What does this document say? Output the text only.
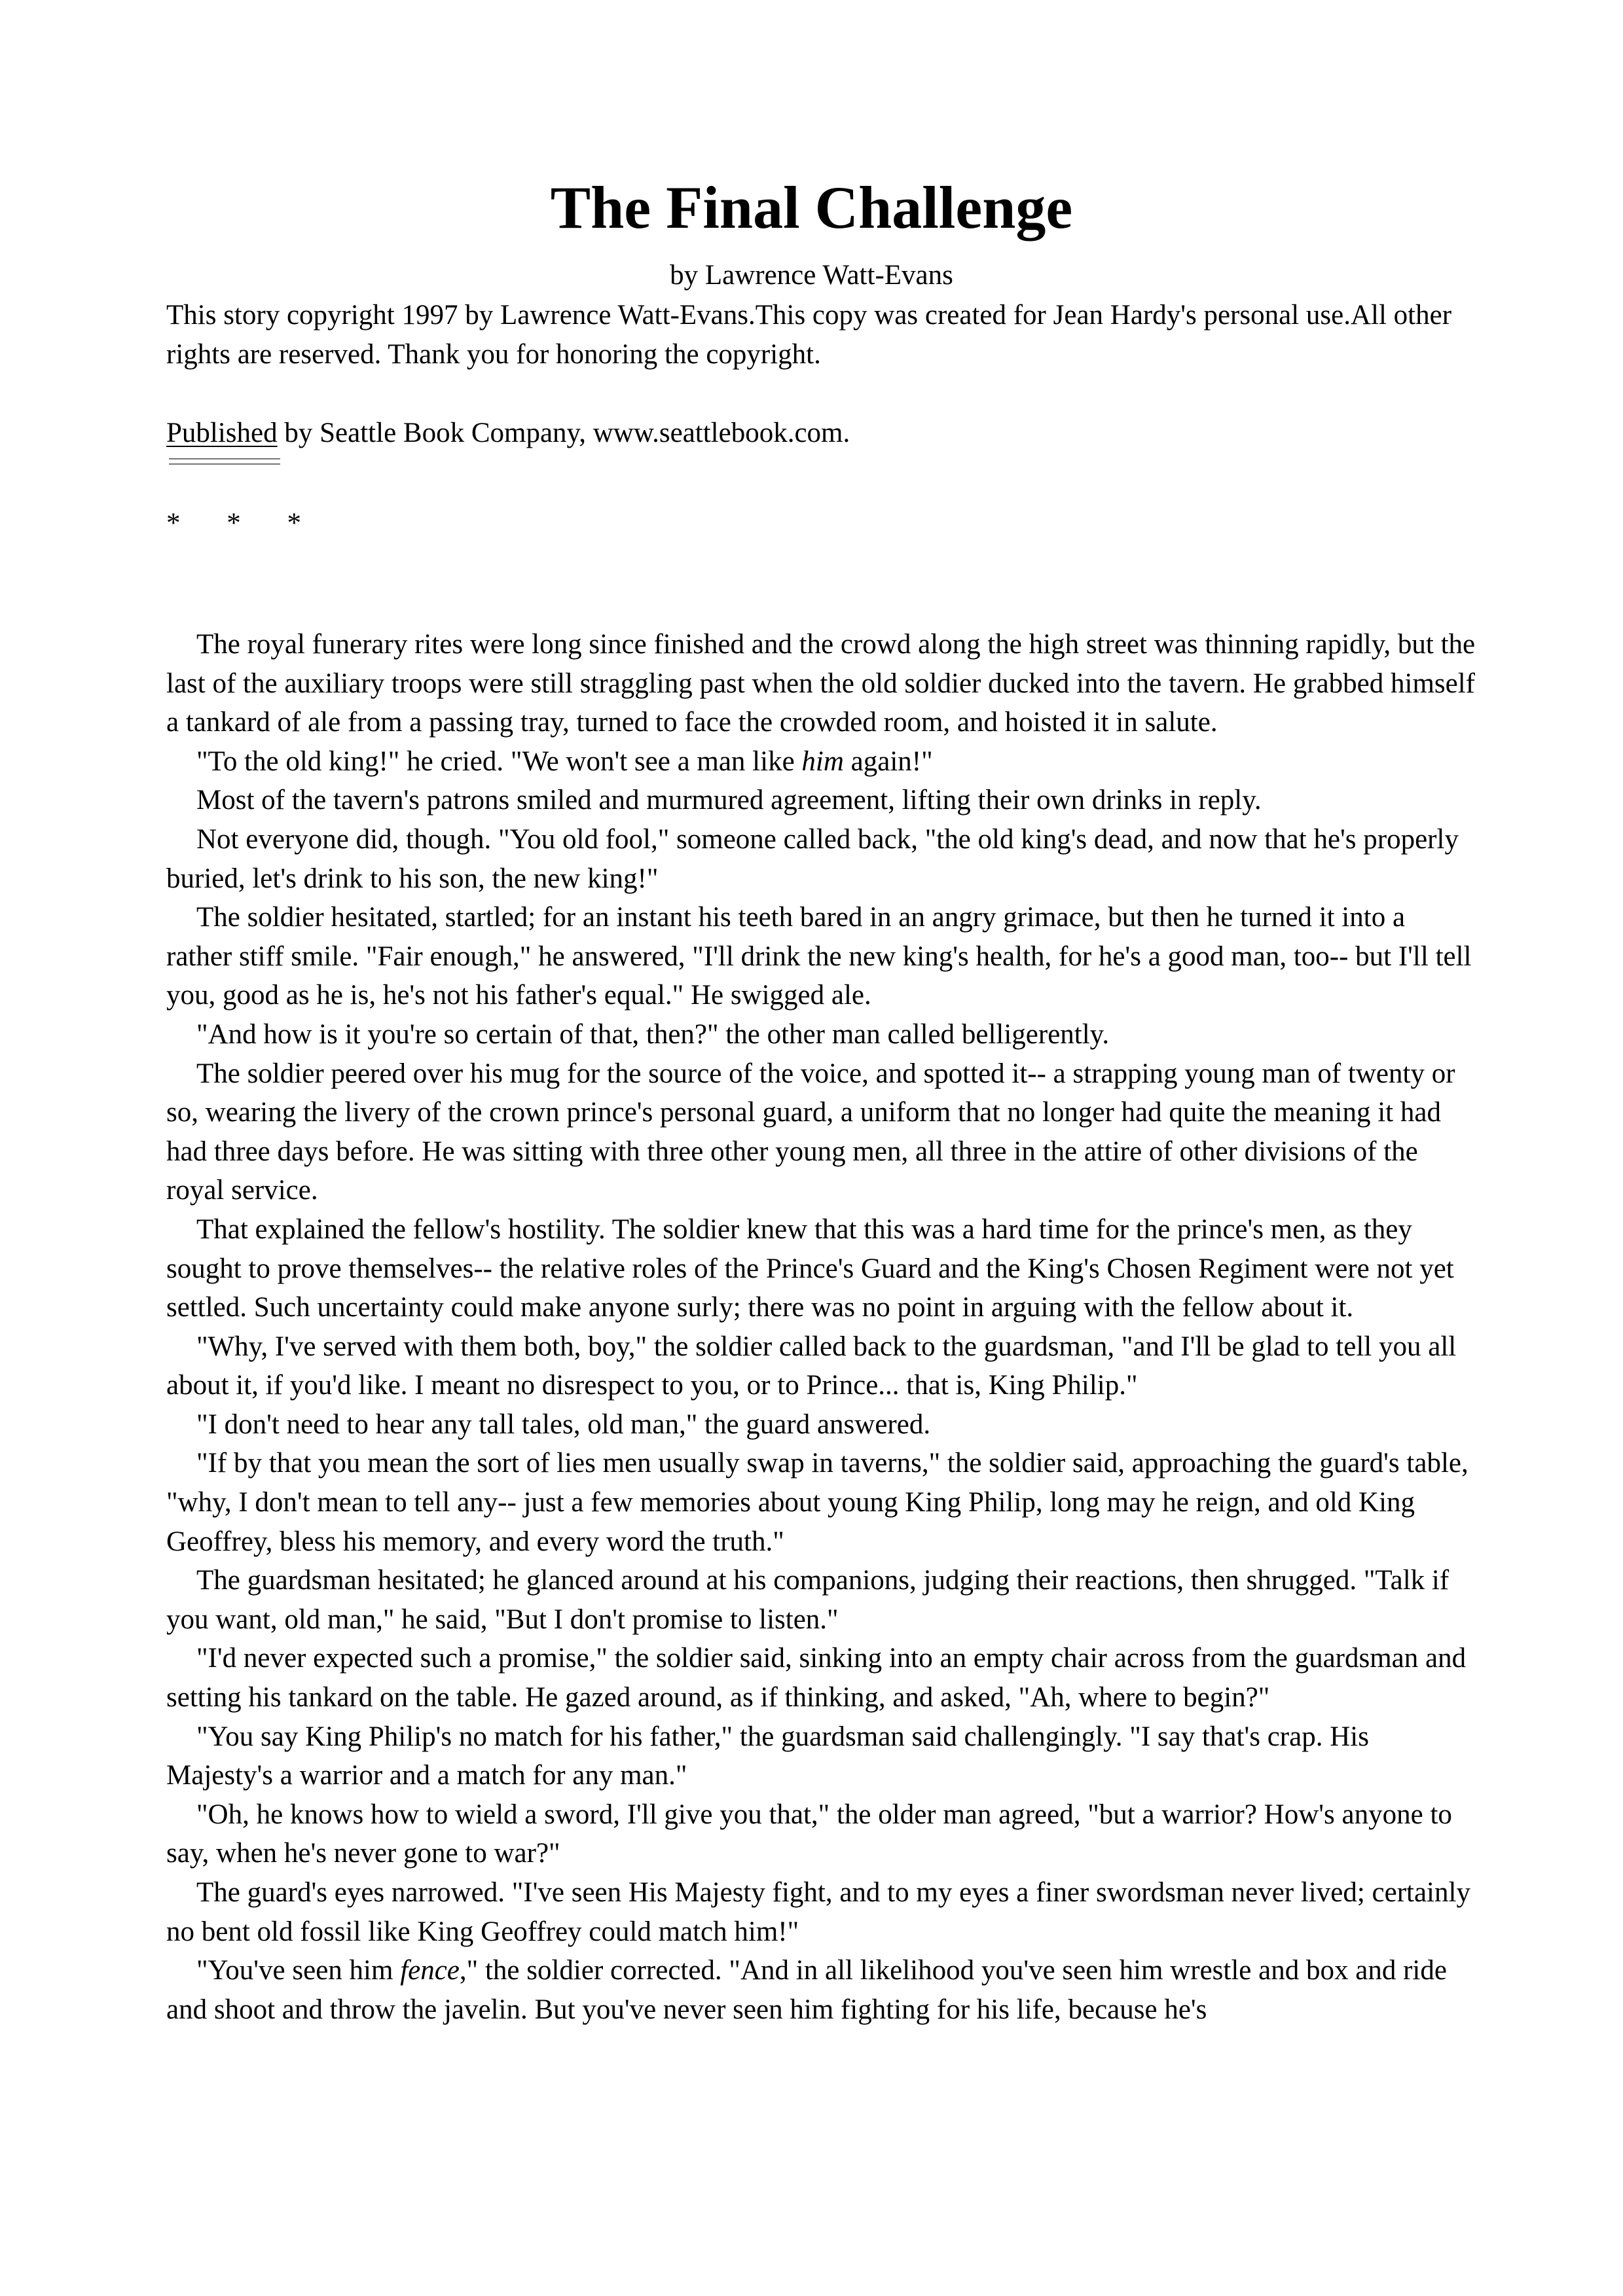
The Final Challenge

by Lawrence Watt-Evans

This story copyright 1997 by Lawrence Watt-Evans.This copy was created for Jean Hardy's personal use.All other rights are reserved. Thank you for honoring the copyright.

Published by Seattle Book Company, www.seattlebook.com.

* * *

The royal funerary rites were long since finished and the crowd along the high street was thinning rapidly, but the last of the auxiliary troops were still straggling past when the old soldier ducked into the tavern. He grabbed himself a tankard of ale from a passing tray, turned to face the crowded room, and hoisted it in salute.

"To the old king!" he cried. "We won't see a man like him again!"

Most of the tavern's patrons smiled and murmured agreement, lifting their own drinks in reply.

Not everyone did, though. "You old fool," someone called back, "the old king's dead, and now that he's properly buried, let's drink to his son, the new king!"

The soldier hesitated, startled; for an instant his teeth bared in an angry grimace, but then he turned it into a rather stiff smile. "Fair enough," he answered, "I'll drink the new king's health, for he's a good man, too-- but I'll tell you, good as he is, he's not his father's equal." He swigged ale.

"And how is it you're so certain of that, then?" the other man called belligerently.

The soldier peered over his mug for the source of the voice, and spotted it-- a strapping young man of twenty or so, wearing the livery of the crown prince's personal guard, a uniform that no longer had quite the meaning it had had three days before. He was sitting with three other young men, all three in the attire of other divisions of the royal service.

That explained the fellow's hostility. The soldier knew that this was a hard time for the prince's men, as they sought to prove themselves-- the relative roles of the Prince's Guard and the King's Chosen Regiment were not yet settled. Such uncertainty could make anyone surly; there was no point in arguing with the fellow about it.

"Why, I've served with them both, boy," the soldier called back to the guardsman, "and I'll be glad to tell you all about it, if you'd like. I meant no disrespect to you, or to Prince... that is, King Philip."

"I don't need to hear any tall tales, old man," the guard answered.

"If by that you mean the sort of lies men usually swap in taverns," the soldier said, approaching the guard's table, "why, I don't mean to tell any-- just a few memories about young King Philip, long may he reign, and old King Geoffrey, bless his memory, and every word the truth."

The guardsman hesitated; he glanced around at his companions, judging their reactions, then shrugged. "Talk if you want, old man," he said, "But I don't promise to listen."

"I'd never expected such a promise," the soldier said, sinking into an empty chair across from the guardsman and setting his tankard on the table. He gazed around, as if thinking, and asked, "Ah, where to begin?"

"You say King Philip's no match for his father," the guardsman said challengingly. "I say that's crap. His Majesty's a warrior and a match for any man."

"Oh, he knows how to wield a sword, I'll give you that," the older man agreed, "but a warrior? How's anyone to say, when he's never gone to war?"

The guard's eyes narrowed. "I've seen His Majesty fight, and to my eyes a finer swordsman never lived; certainly no bent old fossil like King Geoffrey could match him!"

"You've seen him fence," the soldier corrected. "And in all likelihood you've seen him wrestle and box and ride and shoot and throw the javelin. But you've never seen him fighting for his life, because he's
